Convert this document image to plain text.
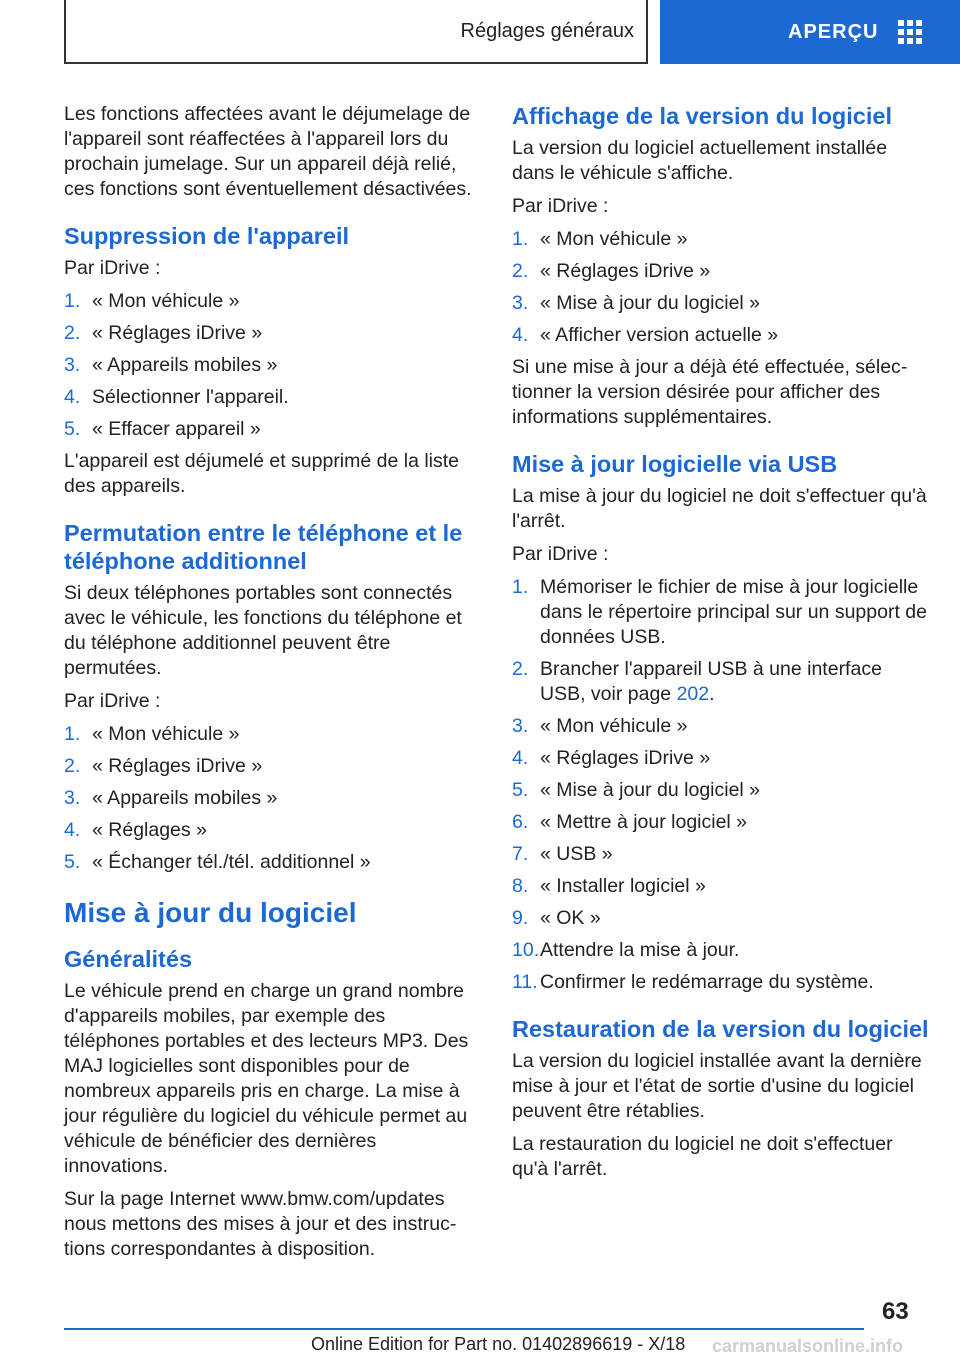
Réglages généraux	APERÇU

Les fonctions affectées avant le déjumelage de l'appareil sont réaffectées à l'appareil lors du prochain jumelage. Sur un appareil déjà relié, ces fonctions sont éventuellement désactivées.

Suppression de l'appareil

Par iDrive :

1. « Mon véhicule »
2. « Réglages iDrive »
3. « Appareils mobiles »
4. Sélectionner l'appareil.
5. « Effacer appareil »

L'appareil est déjumelé et supprimé de la liste des appareils.

Permutation entre le téléphone et le téléphone additionnel

Si deux téléphones portables sont connectés avec le véhicule, les fonctions du téléphone et du téléphone additionnel peuvent être permutées.

Par iDrive :

1. « Mon véhicule »
2. « Réglages iDrive »
3. « Appareils mobiles »
4. « Réglages »
5. « Échanger tél./tél. additionnel »
Mise à jour du logiciel
Généralités

Le véhicule prend en charge un grand nombre d'appareils mobiles, par exemple des téléphones portables et des lecteurs MP3. Des MAJ logicielles sont disponibles pour de nombreux appareils pris en charge. La mise à jour régulière du logiciel du véhicule permet au véhicule de bénéficier des dernières innovations.

Sur la page Internet www.bmw.com/updates nous mettons des mises à jour et des instructions correspondantes à disposition.

Affichage de la version du logiciel

La version du logiciel actuellement installée dans le véhicule s'affiche.

Par iDrive :

1. « Mon véhicule »
2. « Réglages iDrive »
3. « Mise à jour du logiciel »
4. « Afficher version actuelle »

Si une mise à jour a déjà été effectuée, sélectionner la version désirée pour afficher des informations supplémentaires.

Mise à jour logicielle via USB

La mise à jour du logiciel ne doit s'effectuer qu'à l'arrêt.

Par iDrive :

1. Mémoriser le fichier de mise à jour logicielle dans le répertoire principal sur un support de données USB.
2. Brancher l'appareil USB à une interface USB, voir page 202.
3. « Mon véhicule »
4. « Réglages iDrive »
5. « Mise à jour du logiciel »
6. « Mettre à jour logiciel »
7. « USB »
8. « Installer logiciel »
9. « OK »
10. Attendre la mise à jour.
11. Confirmer le redémarrage du système.
Restauration de la version du logiciel

La version du logiciel installée avant la dernière mise à jour et l'état de sortie d'usine du logiciel peuvent être rétablies.

La restauration du logiciel ne doit s'effectuer qu'à l'arrêt.

63
Online Edition for Part no. 01402896619 - X/18 carmanualsonline.info
